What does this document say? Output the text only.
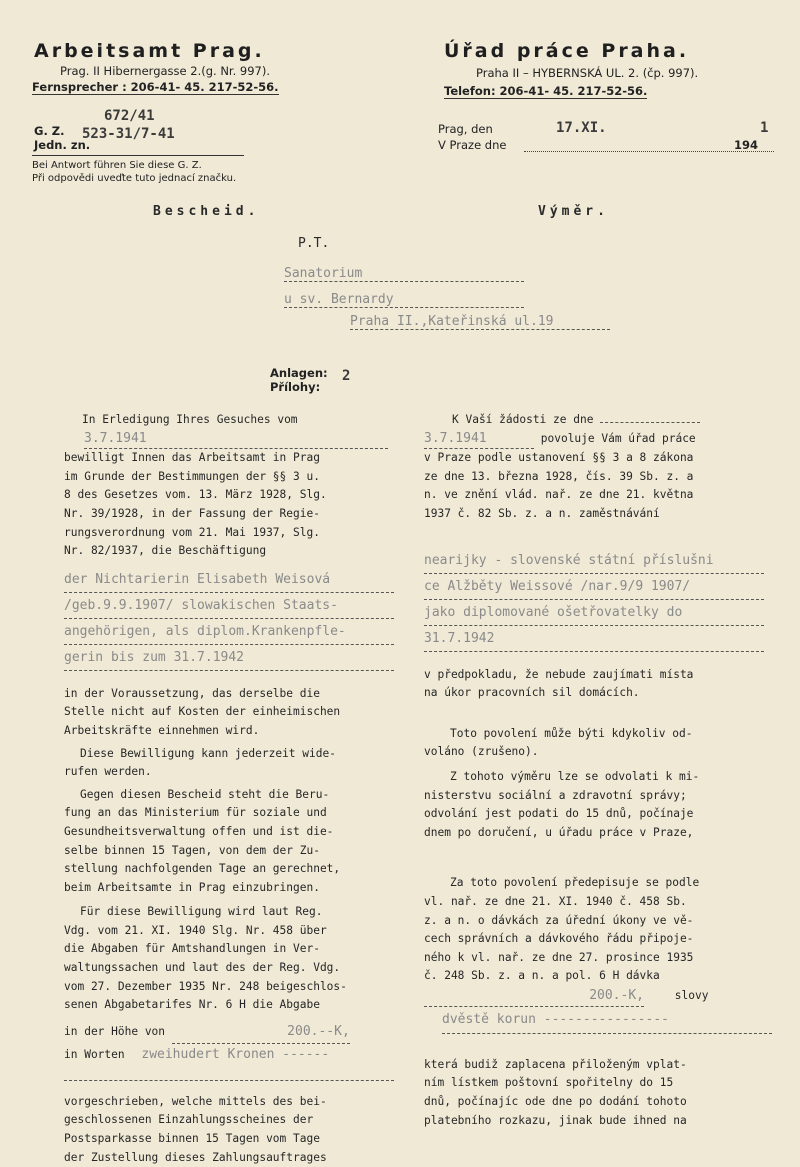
Arbeitsamt Prag.
Prag. II Hibernergasse 2.(g. Nr. 997).
Fernsprecher : 206-41- 45. 217-52-56.
Úřad práce Praha.
Praha II – HYBERNSKÁ UL. 2. (čp. 997).
Telefon: 206-41- 45. 217-52-56.
G. Z.
Jedn. zn.
672/41
523-31/7-41
Bei Antwort führen Sie diese G. Z.
Při odpovědi uveďte tuto jednací značku.
Prag, den
V Praze dne
17.XI.	1
194
Bescheid.	Výměr.
P.T.
Sanatorium
u sv. Bernardy
Praha II.,Kateřinská ul.19
Anlagen:
Přílohy:
2

In Erledigung Ihres Gesuches vom

3.7.1941

bewilligt Innen das Arbeitsamt in Prag

im Grunde der Bestimmungen der §§ 3 u.

8 des Gesetzes vom. 13. März 1928, Slg.

Nr. 39/1928, in der Fassung der Regie-

rungsverordnung vom 21. Mai 1937, Slg.

Nr. 82/1937, die Beschäftigung

der Nichtarierin Elisabeth Weisová

/geb.9.9.1907/ slowakischen Staats-

angehörigen, als diplom.Krankenpfle-

gerin bis zum 31.7.1942

in der Voraussetzung, das derselbe die

Stelle nicht auf Kosten der einheimischen

Arbeitskräfte einnehmen wird.

Diese Bewilligung kann jederzeit wide-

rufen werden.

Gegen diesen Bescheid steht die Beru-

fung an das Ministerium für soziale und

Gesundheitsverwaltung offen und ist die-

selbe binnen 15 Tagen, von dem der Zu-

stellung nachfolgenden Tage an gerechnet,

beim Arbeitsamte in Prag einzubringen.

Für diese Bewilligung wird laut Reg.

Vdg. vom 21. XI. 1940 Slg. Nr. 458 über

die Abgaben für Amtshandlungen in Ver-

waltungssachen und laut des der Reg. Vdg.

vom 27. Dezember 1935 Nr. 248 beigeschlos-

senen Abgabetarifes Nr. 6 H die Abgabe

in der Höhe von	200.--K,

in Worten zweihudert Kronen ------

vorgeschrieben, welche mittels des bei-

geschlossenen Einzahlungsscheines der

Postsparkasse binnen 15 Tagen vom Tage

der Zustellung dieses Zahlungsauftrages

K Vaší žádosti ze dne

3.7.1941	povoluje Vám úřad práce

v Praze podle ustanovení §§ 3 a 8 zákona

ze dne 13. března 1928, čís. 39 Sb. z. a

n. ve znění vlád. nař. ze dne 21. května

1937 č. 82 Sb. z. a n. zaměstnávání

nearijky - slovenské státní příslušni

ce Alžběty Weissové /nar.9/9 1907/

jako diplomované ošetřovatelky do

31.7.1942

v předpokladu, že nebude zaujímati místa

na úkor pracovních sil domácích.

Toto povolení může býti kdykoliv od-

voláno (zrušeno).

Z tohoto výměru lze se odvolati k mi-

nisterstvu sociální a zdravotní správy;

odvolání jest podati do 15 dnů, počínaje

dnem po doručení, u úřadu práce v Praze,

Za toto povolení předepisuje se podle

vl. nař. ze dne 21. XI. 1940 č. 458 Sb.

z. a n. o dávkách za úřední úkony ve vě-

cech správních a dávkového řádu připoje-

ného k vl. nař. ze dne 27. prosince 1935

č. 248 Sb. z. a n. a pol. 6 H dávka

200.-K,	slovy

dvěstě korun ----------------

která budiž zaplacena přiloženým vplat-

ním lístkem poštovní spořitelny do 15

dnů, počínajíc ode dne po dodání tohoto

platebního rozkazu, jinak bude ihned na
